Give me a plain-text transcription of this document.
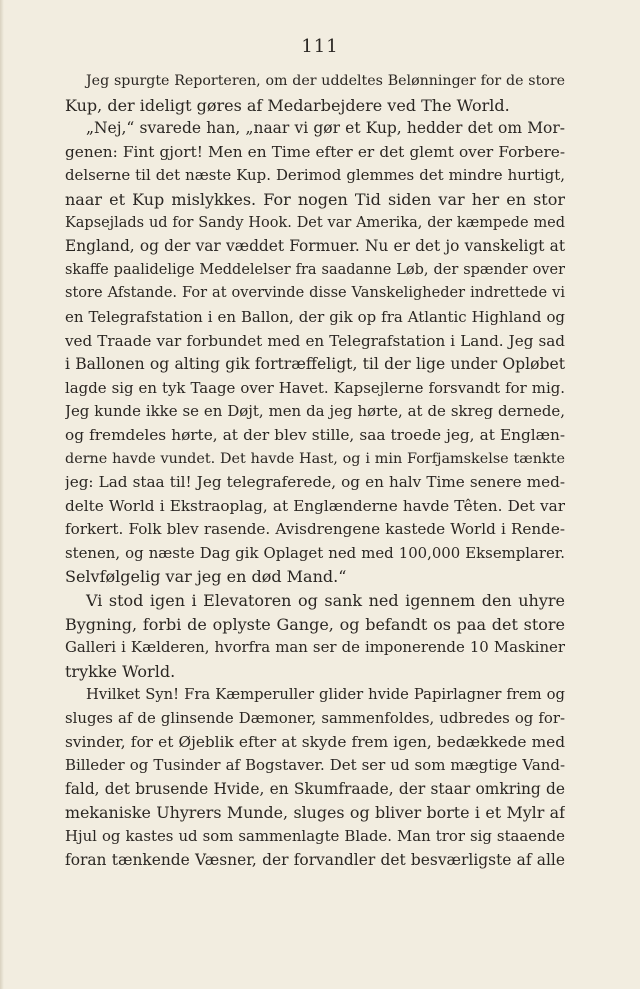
111
Jeg spurgte Reporteren, om der uddeltes Belønninger for de store
Kup, der ideligt gøres af Medarbejdere ved The World.
„Nej,“ svarede han, „naar vi gør et Kup, hedder det om Mor-
genen: Fint gjort! Men en Time efter er det glemt over Forbere-
delserne til det næste Kup. Derimod glemmes det mindre hurtigt,
naar et Kup mislykkes. For nogen Tid siden var her en stor
Kapsejlads ud for Sandy Hook. Det var Amerika, der kæmpede med
England, og der var væddet Formuer. Nu er det jo vanskeligt at
skaffe paalidelige Meddelelser fra saadanne Løb, der spænder over
store Afstande. For at overvinde disse Vanskeligheder indrettede vi
en Telegrafstation i en Ballon, der gik op fra Atlantic Highland og
ved Traade var forbundet med en Telegrafstation i Land. Jeg sad
i Ballonen og alting gik fortræffeligt, til der lige under Opløbet
lagde sig en tyk Taage over Havet. Kapsejlerne forsvandt for mig.
Jeg kunde ikke se en Døjt, men da jeg hørte, at de skreg dernede,
og fremdeles hørte, at der blev stille, saa troede jeg, at Englæn-
derne havde vundet. Det havde Hast, og i min Forfjamskelse tænkte
jeg: Lad staa til! Jeg telegraferede, og en halv Time senere med-
delte World i Ekstraoplag, at Englænderne havde Têten. Det var
forkert. Folk blev rasende. Avisdrengene kastede World i Rende-
stenen, og næste Dag gik Oplaget ned med 100,000 Eksemplarer.
Selvfølgelig var jeg en død Mand.“
Vi stod igen i Elevatoren og sank ned igennem den uhyre
Bygning, forbi de oplyste Gange, og befandt os paa det store
Galleri i Kælderen, hvorfra man ser de imponerende 10 Maskiner
trykke World.
Hvilket Syn! Fra Kæmperuller glider hvide Papirlagner frem og
sluges af de glinsende Dæmoner, sammenfoldes, udbredes og for-
svinder, for et Øjeblik efter at skyde frem igen, bedækkede med
Billeder og Tusinder af Bogstaver. Det ser ud som mægtige Vand-
fald, det brusende Hvide, en Skumfraade, der staar omkring de
mekaniske Uhyrers Munde, sluges og bliver borte i et Mylr af
Hjul og kastes ud som sammenlagte Blade. Man tror sig staaende
foran tænkende Væsner, der forvandler det besværligste af alle
